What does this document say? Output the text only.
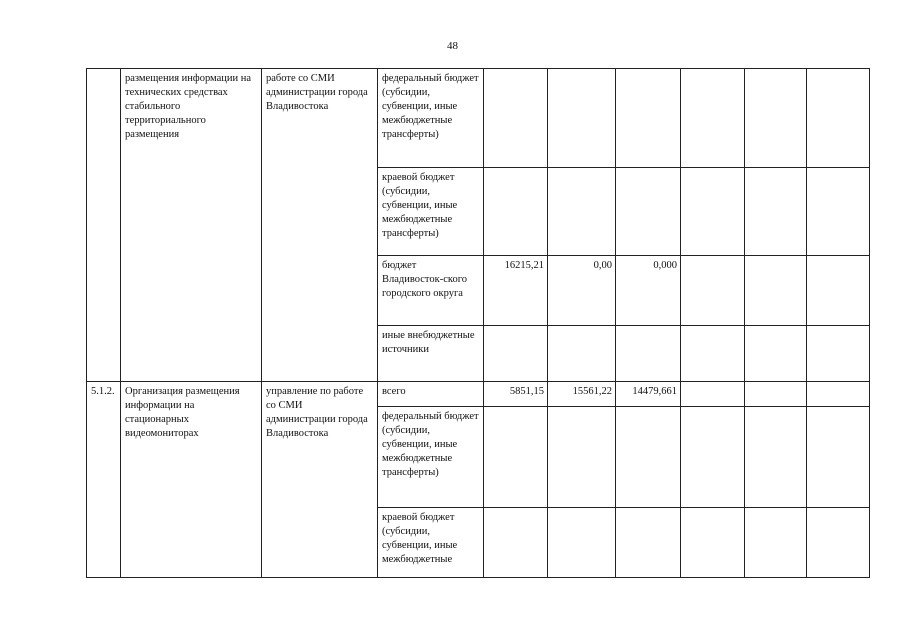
48
	размещения информации на технических средствах стабильного территориального размещения	работе со СМИ администрации города Владивостока	федеральный бюджет (субсидии, субвенции, иные межбюджетные трансферты)						
			краевой бюджет (субсидии, субвенции, иные межбюджетные трансферты)						
			бюджет Владивосток-ского городского округа	16215,21	0,00	0,000			
			иные внебюджетные источники						
5.1.2.	Организация размещения информации на стационарных видеомониторах	управление по работе со СМИ администрации города Владивостока	всего	5851,15	15561,22	14479,661			
			федеральный бюджет (субсидии, субвенции, иные межбюджетные трансферты)						
			краевой бюджет (субсидии, субвенции, иные межбюджетные						
